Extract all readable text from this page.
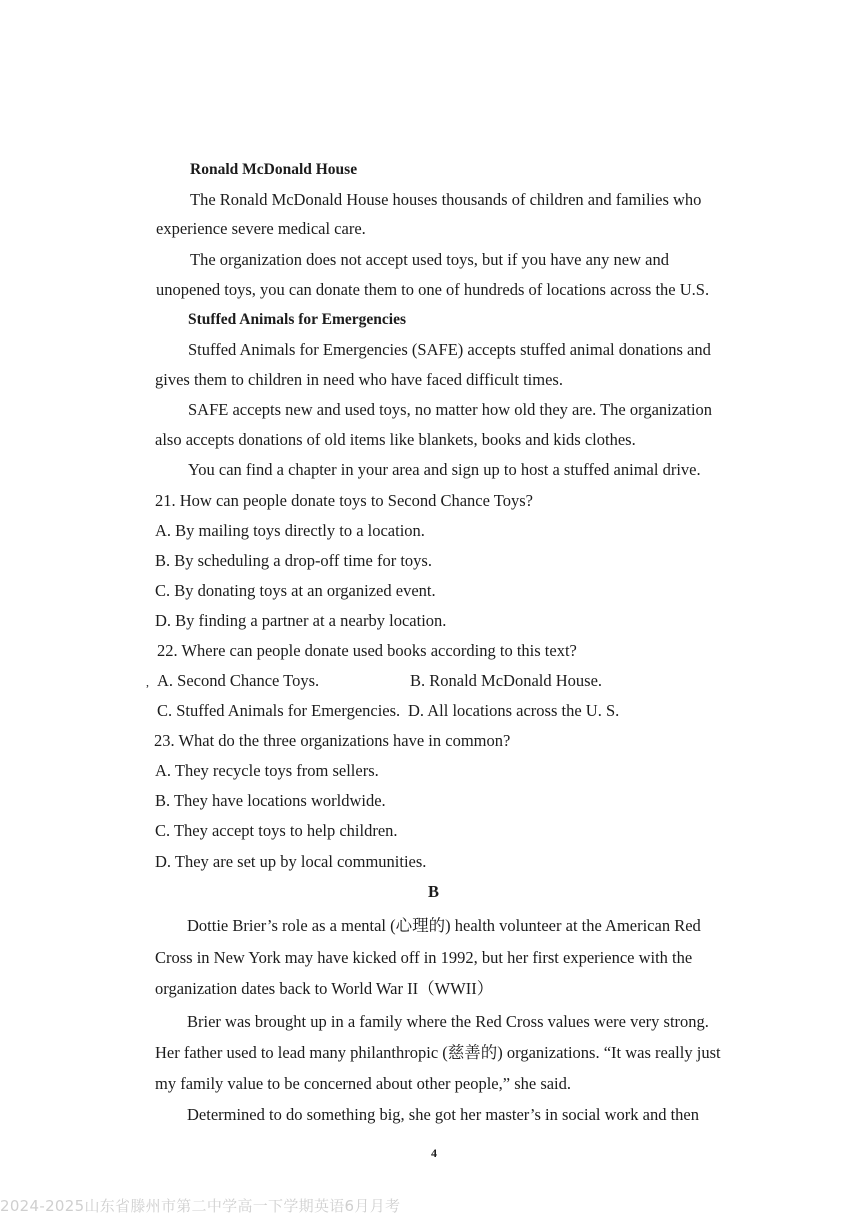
Ronald McDonald House
The Ronald McDonald House houses thousands of children and families who
experience severe medical care.
The organization does not accept used toys, but if you have any new and
unopened toys, you can donate them to one of hundreds of locations across the U.S.
Stuffed Animals for Emergencies
Stuffed Animals for Emergencies (SAFE) accepts stuffed animal donations and
gives them to children in need who have faced difficult times.
SAFE accepts new and used toys, no matter how old they are. The organization
also accepts donations of old items like blankets, books and kids clothes.
You can find a chapter in your area and sign up to host a stuffed animal drive.
21. How can people donate toys to Second Chance Toys?
A. By mailing toys directly to a location.
B. By scheduling a drop-off time for toys.
C. By donating toys at an organized event.
D. By finding a partner at a nearby location.
22. Where can people donate used books according to this text?
, A. Second Chance Toys.	B. Ronald McDonald House.
C. Stuffed Animals for Emergencies. D. All locations across the U. S.
23. What do the three organizations have in common?
A. They recycle toys from sellers.
B. They have locations worldwide.
C. They accept toys to help children.
D. They are set up by local communities.
B
Dottie Brier’s role as a mental (心理的) health volunteer at the American Red
Cross in New York may have kicked off in 1992, but her first experience with the
organization dates back to World War II（WWII）
Brier was brought up in a family where the Red Cross values were very strong.
Her father used to lead many philanthropic (慈善的) organizations. “It was really just
my family value to be concerned about other people,” she said.
Determined to do something big, she got her master’s in social work and then
4
2024-2025山东省滕州市第二中学高一下学期英语6月月考
